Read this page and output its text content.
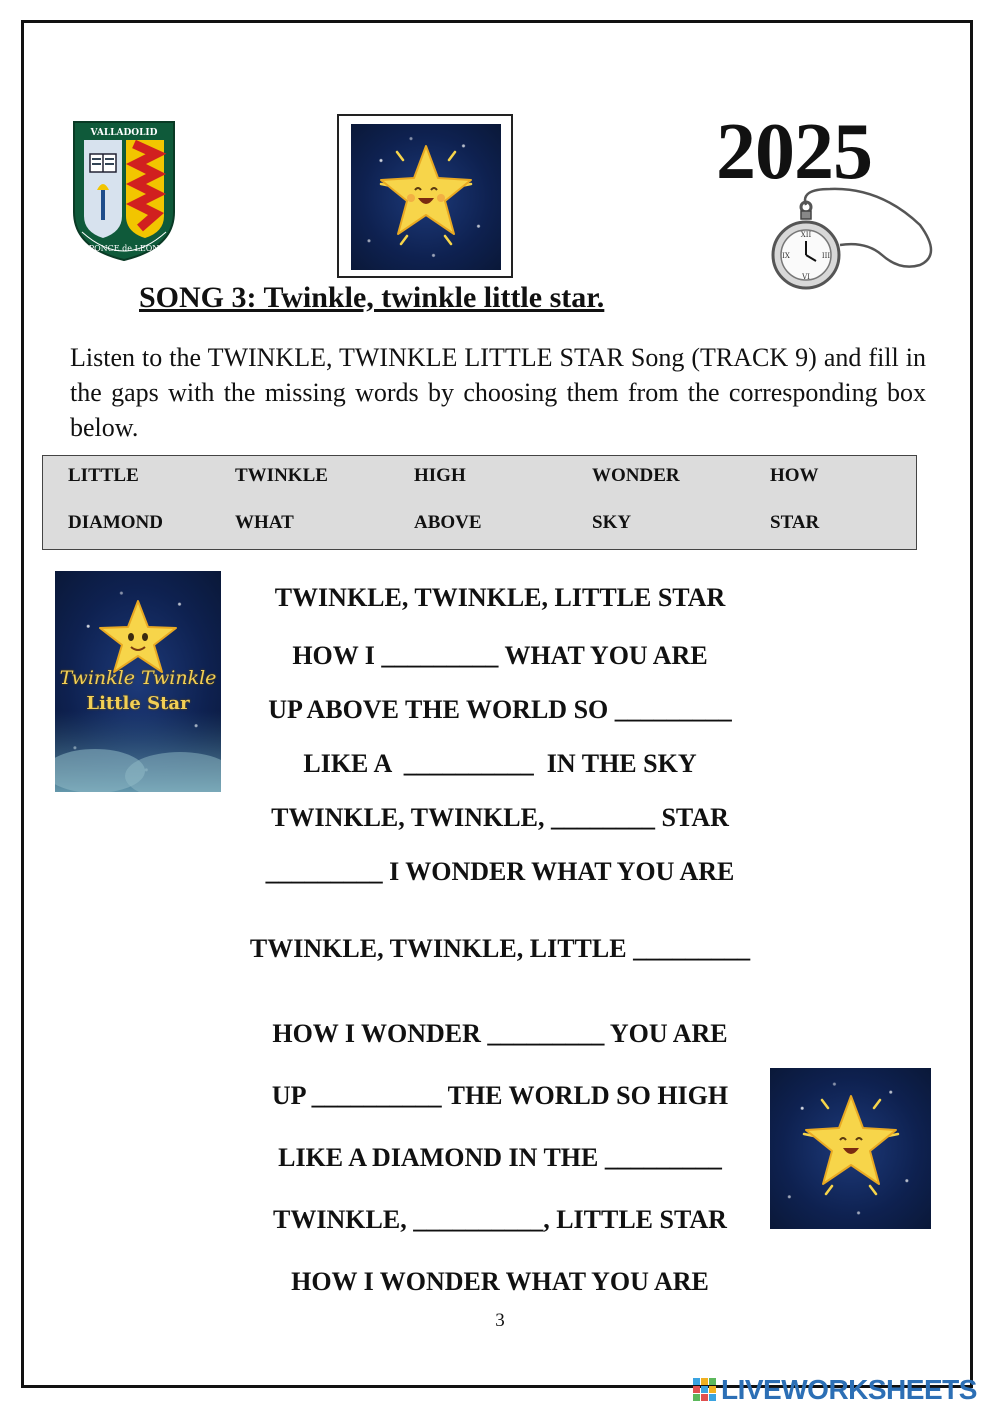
VALLADOLID
PONCE de LEON
2025
XII
III
VI
IX
SONG 3: Twinkle, twinkle little star.
Listen to the TWINKLE, TWINKLE LITTLE STAR Song (TRACK 9) and fill in the gaps with the missing words by choosing them from the corresponding box below.
LITTLE	TWINKLE	HIGH	WONDER	HOW
DIAMOND	WHAT	ABOVE	SKY	STAR
Twinkle Twinkle
Little Star
TWINKLE, TWINKLE, LITTLE STAR
HOW I _________ WHAT YOU ARE
UP ABOVE THE WORLD SO _________
LIKE A  __________  IN THE SKY
TWINKLE, TWINKLE, ________ STAR
_________ I WONDER WHAT YOU ARE
TWINKLE, TWINKLE, LITTLE _________
HOW I WONDER _________ YOU ARE
UP __________ THE WORLD SO HIGH
LIKE A DIAMOND IN THE _________
TWINKLE, __________, LITTLE STAR
HOW I WONDER WHAT YOU ARE
3
LIVEWORKSHEETS
